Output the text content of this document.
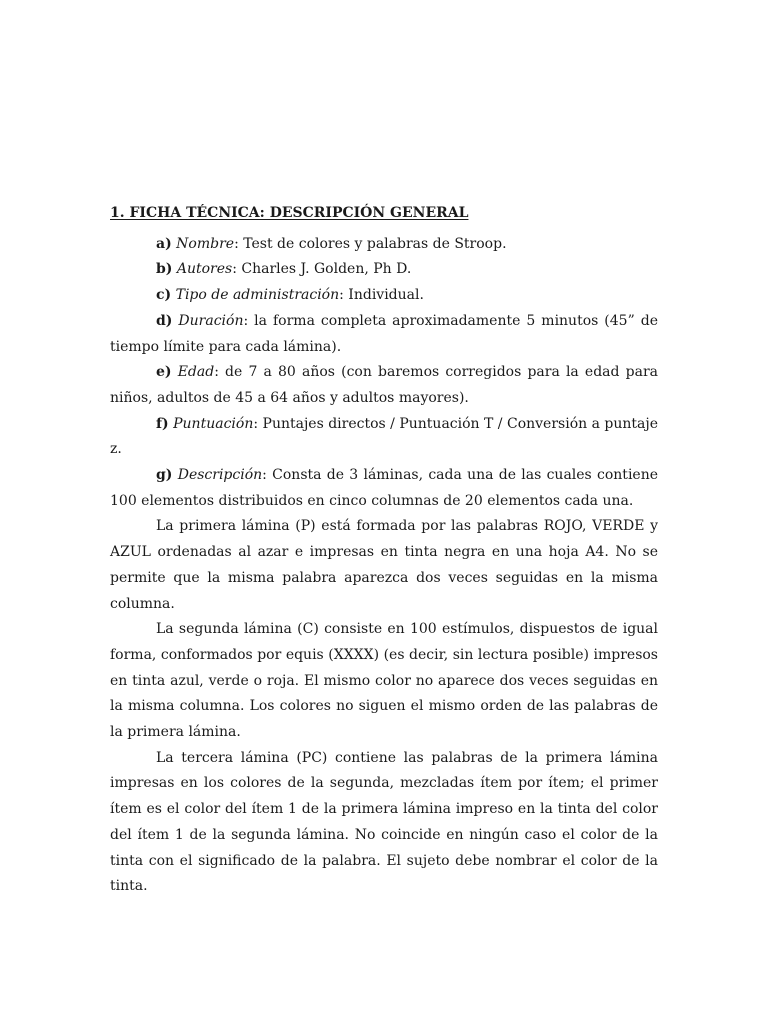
1. FICHA TÉCNICA: DESCRIPCIÓN GENERAL

a) Nombre: Test de colores y palabras de Stroop.

b) Autores: Charles J. Golden, Ph D.

c) Tipo de administración: Individual.

d) Duración: la forma completa aproximadamente 5 minutos (45” de tiempo límite para cada lámina).

e) Edad: de 7 a 80 años (con baremos corregidos para la edad para niños, adultos de 45 a 64 años y adultos mayores).

f) Puntuación: Puntajes directos / Puntuación T / Conversión a puntaje z.

g) Descripción: Consta de 3 láminas, cada una de las cuales contiene 100 elementos distribuidos en cinco columnas de 20 elementos cada una.

La primera lámina (P) está formada por las palabras ROJO, VERDE y AZUL ordenadas al azar e impresas en tinta negra en una hoja A4. No se permite que la misma palabra aparezca dos veces seguidas en la misma columna.

La segunda lámina (C) consiste en 100 estímulos, dispuestos de igual forma, conformados por equis (XXXX) (es decir, sin lectura posible) impresos en tinta azul, verde o roja. El mismo color no aparece dos veces seguidas en la misma columna. Los colores no siguen el mismo orden de las palabras de la primera lámina.

La tercera lámina (PC) contiene las palabras de la primera lámina impresas en los colores de la segunda, mezcladas ítem por ítem; el primer ítem es el color del ítem 1 de la primera lámina impreso en la tinta del color del ítem 1 de la segunda lámina. No coincide en ningún caso el color de la tinta con el significado de la palabra. El sujeto debe nombrar el color de la tinta.
